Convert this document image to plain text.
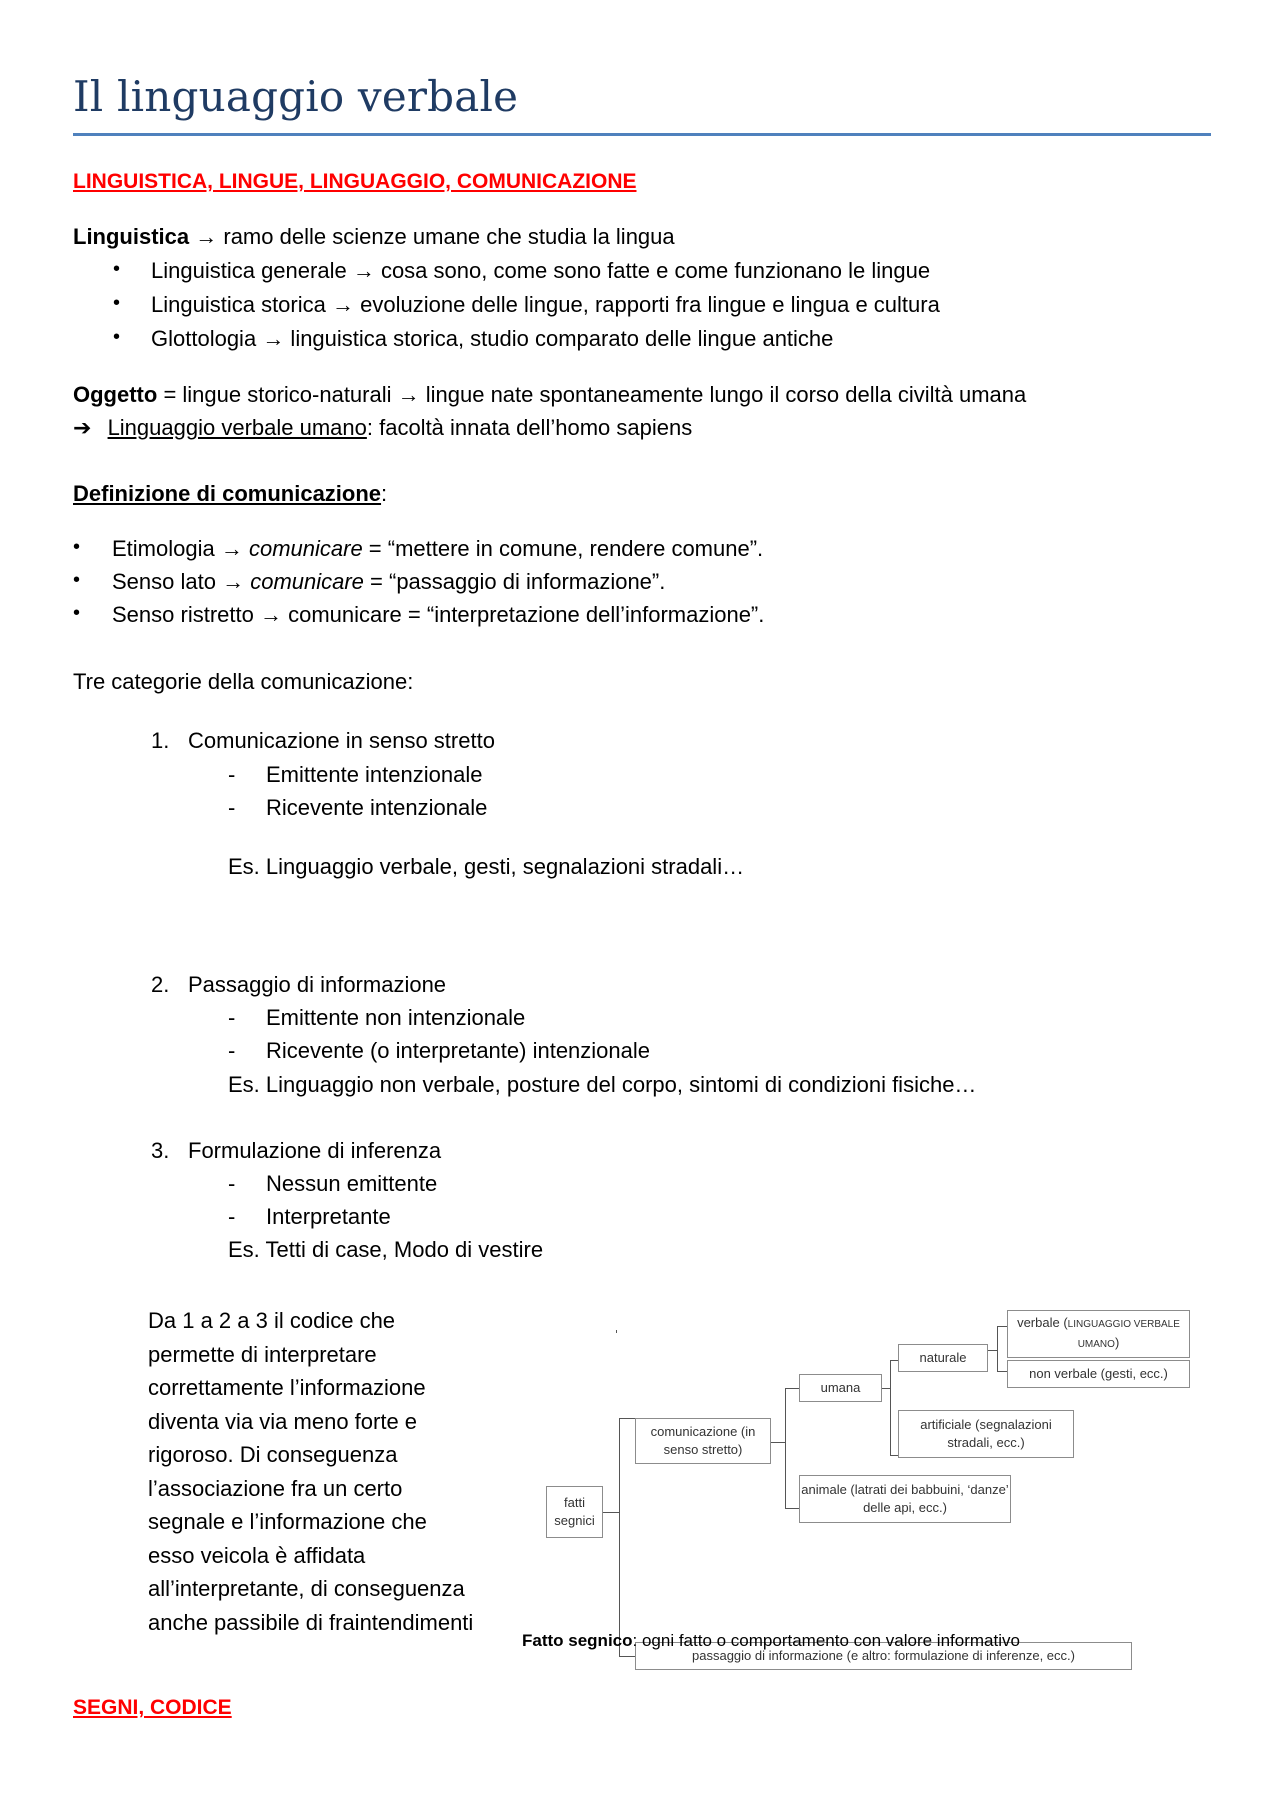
Il linguaggio verbale
LINGUISTICA, LINGUE, LINGUAGGIO, COMUNICAZIONE
Linguistica → ramo delle scienze umane che studia la lingua
• Linguistica generale → cosa sono, come sono fatte e come funzionano le lingue
• Linguistica storica → evoluzione delle lingue, rapporti fra lingue e lingua e cultura
• Glottologia → linguistica storica, studio comparato delle lingue antiche
Oggetto = lingue storico-naturali → lingue nate spontaneamente lungo il corso della civiltà umana
➔ Linguaggio verbale umano: facoltà innata dell’homo sapiens
Definizione di comunicazione:
• Etimologia → comunicare = “mettere in comune, rendere comune”.
• Senso lato → comunicare = “passaggio di informazione”.
• Senso ristretto → comunicare = “interpretazione dell’informazione”.
Tre categorie della comunicazione:
1. Comunicazione in senso stretto
- Emittente intenzionale
- Ricevente intenzionale
Es. Linguaggio verbale, gesti, segnalazioni stradali…
2. Passaggio di informazione
- Emittente non intenzionale
- Ricevente (o interpretante) intenzionale
Es. Linguaggio non verbale, posture del corpo, sintomi di condizioni fisiche…
3. Formulazione di inferenza
- Nessun emittente
- Interpretante
Es. Tetti di case, Modo di vestire
Da 1 a 2 a 3 il codice che permette di interpretare correttamente l’informazione diventa via via meno forte e rigoroso. Di conseguenza l’associazione fra un certo segnale e l’informazione che esso veicola è affidata all’interpretante, di conseguenza anche passibile di fraintendimenti
fatti segnici
comunicazione (in senso stretto)
umana
naturale
verbale (LINGUAGGIO VERBALE UMANO)
non verbale (gesti, ecc.)
artificiale (segnalazioni stradali, ecc.)
animale (latrati dei babbuini, ‘danze’ delle api, ecc.)
passaggio di informazione (e altro: formulazione di inferenze, ecc.)
Fatto segnico: ogni fatto o comportamento con valore informativo
SEGNI, CODICE
